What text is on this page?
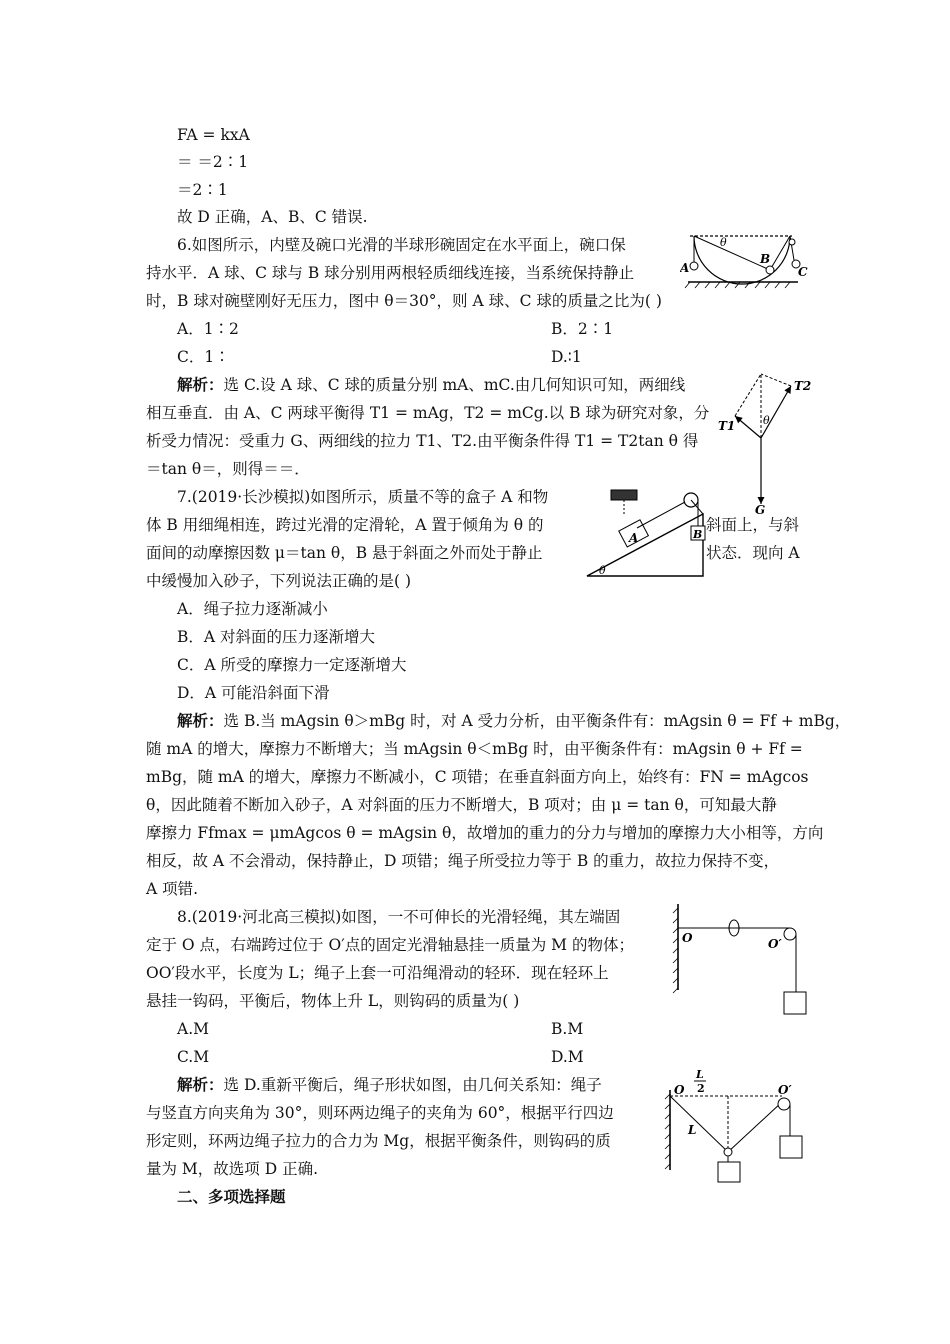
FA = kxA
＝ ＝2∶1
＝2∶1
故 D 正确，A、B、C 错误.
6.如图所示，内壁及碗口光滑的半球形碗固定在水平面上，碗口保
持水平．A 球、C 球与 B 球分别用两根轻质细线连接，当系统保持静止
时，B 球对碗壁刚好无压力，图中 θ＝30°，则 A 球、C 球的质量之比为( )
A．1∶2	B．2∶1
C．1∶	D.∶1
解析：选 C.设 A 球、C 球的质量分别 mA、mC.由几何知识可知，两细线
相互垂直．由 A、C 两球平衡得 T1 = mAg，T2 = mCg.以 B 球为研究对象，分
析受力情况：受重力 G、两细线的拉力 T1、T2.由平衡条件得 T1 = T2tan θ 得
＝tan θ＝，则得＝＝．
7.(2019·长沙模拟)如图所示，质量不等的盒子 A 和物
体 B 用细绳相连，跨过光滑的定滑轮，A 置于倾角为 θ 的	斜面上，与斜
面间的动摩擦因数 μ＝tan θ，B 悬于斜面之外而处于静止	状态．现向 A
中缓慢加入砂子，下列说法正确的是( )
A．绳子拉力逐渐减小
B．A 对斜面的压力逐渐增大
C．A 所受的摩擦力一定逐渐增大
D．A 可能沿斜面下滑
解析：选 B.当 mAgsin θ＞mBg 时，对 A 受力分析，由平衡条件有：mAgsin θ = Ff + mBg，
随 mA 的增大，摩擦力不断增大；当 mAgsin θ＜mBg 时，由平衡条件有：mAgsin θ + Ff =
mBg，随 mA 的增大，摩擦力不断减小，C 项错；在垂直斜面方向上，始终有：FN = mAgcos
θ，因此随着不断加入砂子，A 对斜面的压力不断增大，B 项对；由 μ = tan θ，可知最大静
摩擦力 Ffmax = μmAgcos θ = mAgsin θ，故增加的重力的分力与增加的摩擦力大小相等，方向
相反，故 A 不会滑动，保持静止，D 项错；绳子所受拉力等于 B 的重力，故拉力保持不变，
A 项错.
8.(2019·河北高三模拟)如图，一不可伸长的光滑轻绳，其左端固
定于 O 点，右端跨过位于 O′点的固定光滑轴悬挂一质量为 M 的物体；
OO′段水平，长度为 L；绳子上套一可沿绳滑动的轻环．现在轻环上
悬挂一钩码，平衡后，物体上升 L，则钩码的质量为( )
A.M	B.M
C.M	D.M
解析：选 D.重新平衡后，绳子形状如图，由几何关系知：绳子
与竖直方向夹角为 30°，则环两边绳子的夹角为 60°，根据平行四边
形定则，环两边绳子拉力的合力为 Mg，根据平衡条件，则钩码的质
量为 M，故选项 D 正确.
二、多项选择题
A
B
C
θ
T1
T2
θ
G
A	B
θ
O	O′
O	O′
L
L
2
